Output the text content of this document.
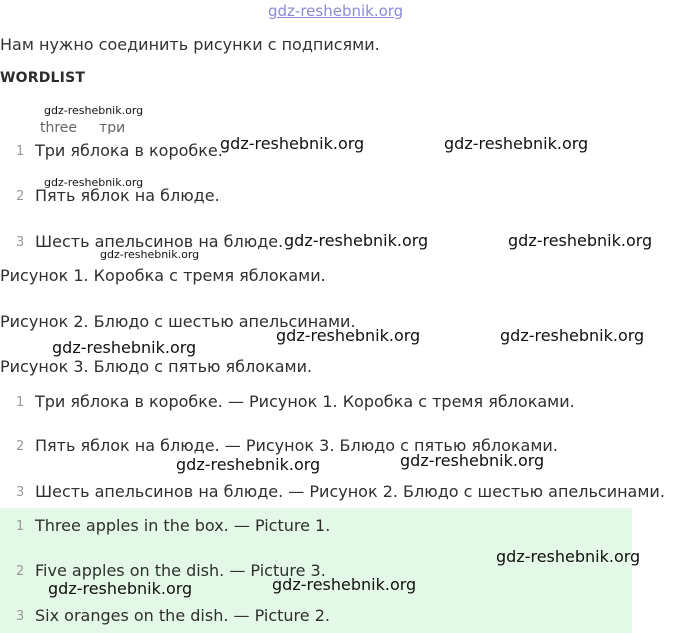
gdz-reshebnik.org
Нам нужно соединить рисунки с подписями.
WORDLIST
three три
1 Три яблока в коробке.
2 Пять яблок на блюде.
3 Шесть апельсинов на блюде.
Рисунок 1. Коробка с тремя яблоками.
Рисунок 2. Блюдо с шестью апельсинами.
Рисунок 3. Блюдо с пятью яблоками.
1 Три яблока в коробке. — Рисунок 1. Коробка с тремя яблоками.
2 Пять яблок на блюде. — Рисунок 3. Блюдо с пятью яблоками.
3 Шесть апельсинов на блюде. — Рисунок 2. Блюдо с шестью апельсинами.
1 Three apples in the box. — Picture 1.
2 Five apples on the dish. — Picture 3.
3 Six oranges on the dish. — Picture 2.
gdz-reshebnik.org
gdz-reshebnik.org	gdz-reshebnik.org
gdz-reshebnik.org
gdz-reshebnik.org
gdz-reshebnik.org	gdz-reshebnik.org
gdz-reshebnik.org	gdz-reshebnik.org
gdz-reshebnik.org
gdz-reshebnik.org
gdz-reshebnik.org
gdz-reshebnik.org
gdz-reshebnik.org	gdz-reshebnik.org
